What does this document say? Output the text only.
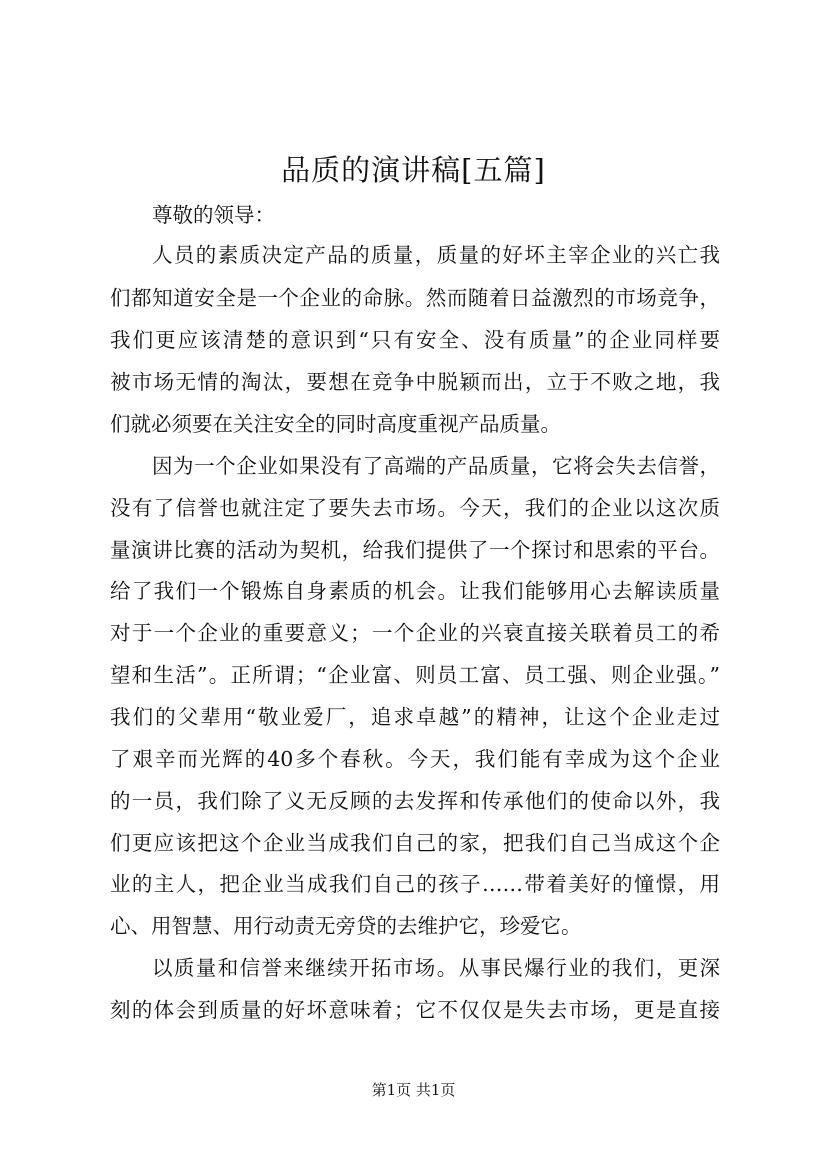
品质的演讲稿[五篇]
尊敬的领导：
人员的素质决定产品的质量，质量的好坏主宰企业的兴亡我
们都知道安全是一个企业的命脉。然而随着日益激烈的市场竞争，
我们更应该清楚的意识到“只有安全、没有质量”的企业同样要
被市场无情的淘汰，要想在竞争中脱颖而出，立于不败之地，我
们就必须要在关注安全的同时高度重视产品质量。
因为一个企业如果没有了高端的产品质量，它将会失去信誉，
没有了信誉也就注定了要失去市场。今天，我们的企业以这次质
量演讲比赛的活动为契机，给我们提供了一个探讨和思索的平台。
给了我们一个锻炼自身素质的机会。让我们能够用心去解读质量
对于一个企业的重要意义；一个企业的兴衰直接关联着员工的希
望和生活”。正所谓；“企业富、则员工富、员工强、则企业强。”
我们的父辈用“敬业爱厂，追求卓越”的精神，让这个企业走过
了艰辛而光辉的40多个春秋。今天，我们能有幸成为这个企业
的一员，我们除了义无反顾的去发挥和传承他们的使命以外，我
们更应该把这个企业当成我们自己的家，把我们自己当成这个企
业的主人，把企业当成我们自己的孩子……带着美好的憧憬，用
心、用智慧、用行动责无旁贷的去维护它，珍爱它。
以质量和信誉来继续开拓市场。从事民爆行业的我们，更深
刻的体会到质量的好坏意味着；它不仅仅是失去市场，更是直接
第1页 共1页
